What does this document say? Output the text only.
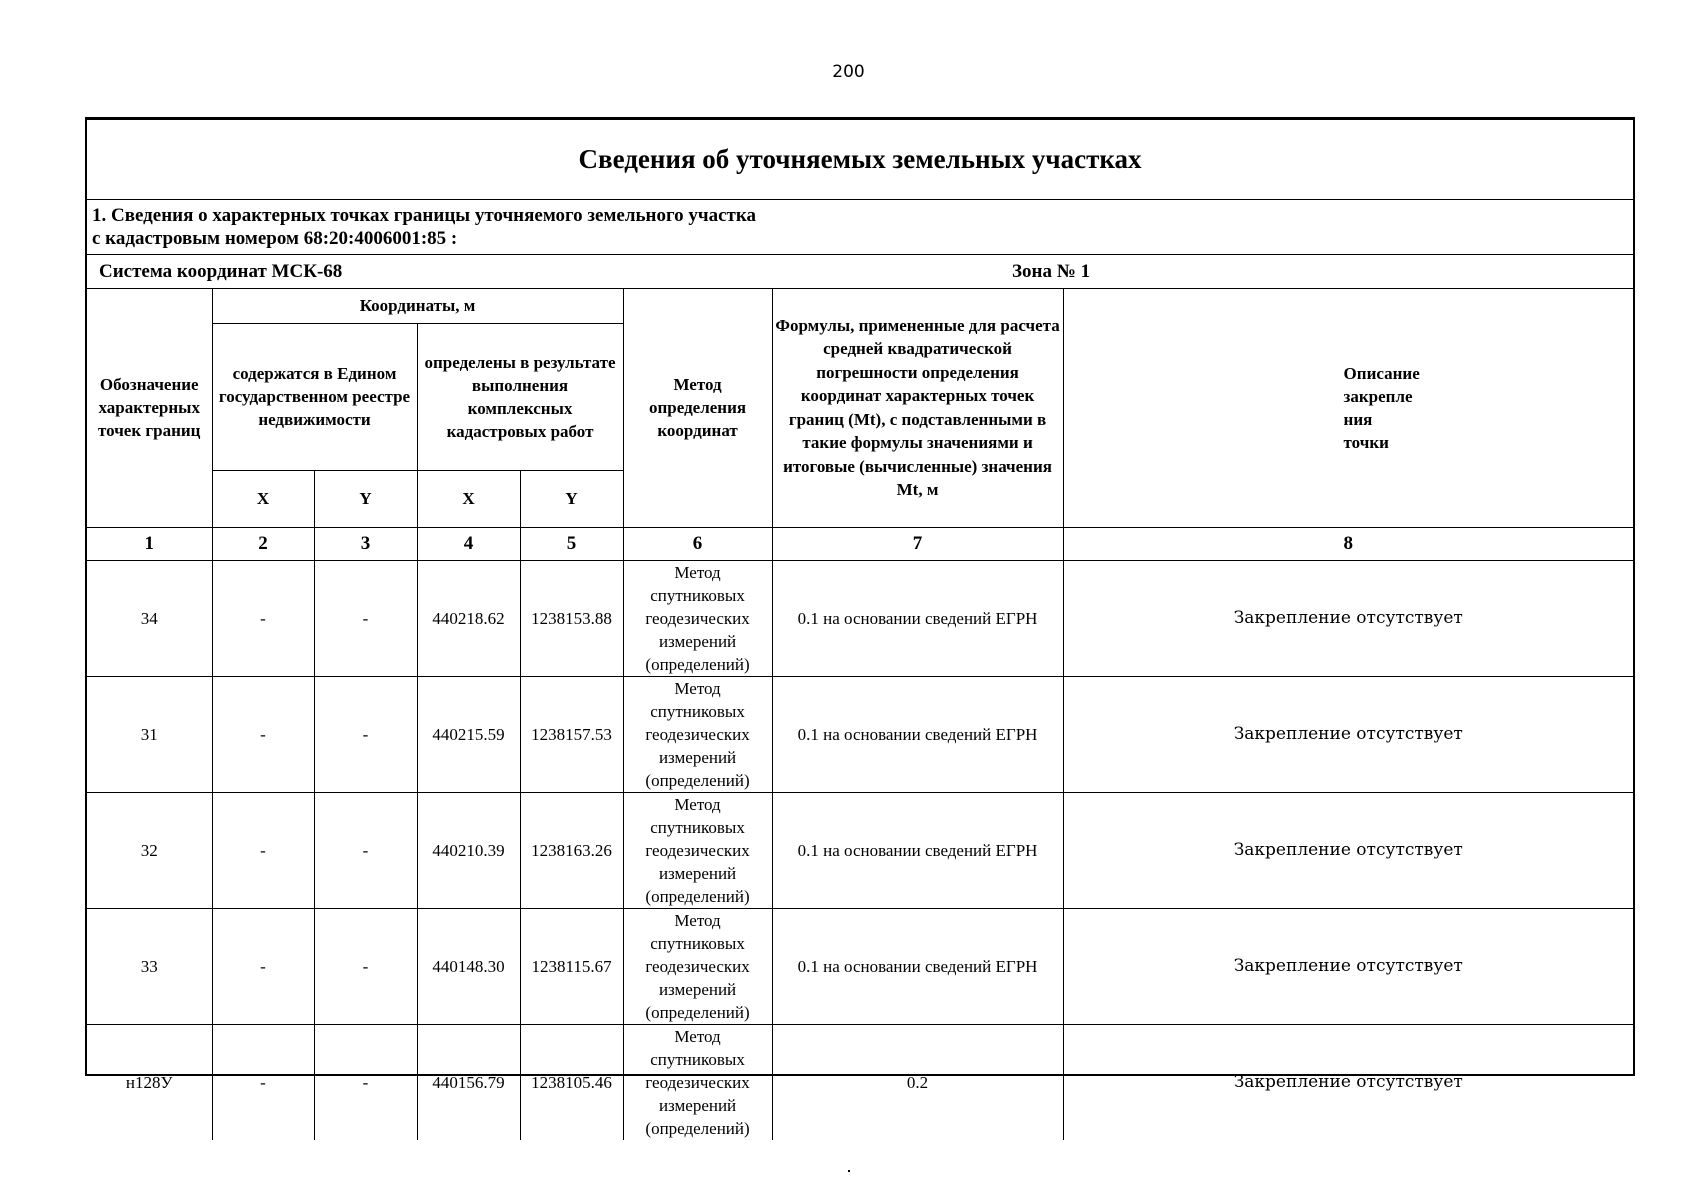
200
Сведения об уточняемых земельных участках
1. Сведения о характерных точках границы уточняемого земельного участка
с кадастровым номером 68:20:4006001:85 :
Система координат МСК-68	Зона № 1
Обозначение характерных точек границ	Координаты, м				Метод определения координат	Формулы, примененные для расчета средней квадратической погрешности определения координат характерных точек границ (Mt), с подставленными в такие формулы значениями и итоговые (вычисленные) значения Mt, м	Описание закрепле ния точки
	содержатся в Едином государственном реестре недвижимости		определены в результате выполнения комплексных кадастровых работ				
	X	Y	X	Y			
1	2	3	4	5	6	7	8
34	-	-	440218.62	1238153.88	Метод спутниковых геодезических измерений (определений)	0.1 на основании сведений ЕГРН	Закрепление отсутствует
31	-	-	440215.59	1238157.53	Метод спутниковых геодезических измерений (определений)	0.1 на основании сведений ЕГРН	Закрепление отсутствует
32	-	-	440210.39	1238163.26	Метод спутниковых геодезических измерений (определений)	0.1 на основании сведений ЕГРН	Закрепление отсутствует
33	-	-	440148.30	1238115.67	Метод спутниковых геодезических измерений (определений)	0.1 на основании сведений ЕГРН	Закрепление отсутствует
н128У	-	-	440156.79	1238105.46	Метод спутниковых геодезических измерений (определений)	0.2	Закрепление отсутствует
